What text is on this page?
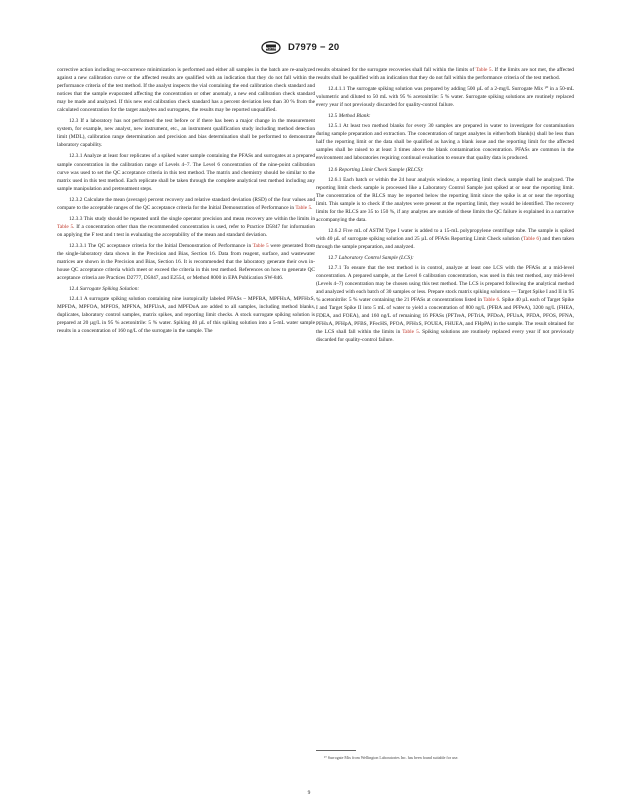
ASTM D7979 − 20

corrective action including re-occurrence minimization is performed and either all samples in the batch are re-analyzed against a new calibration curve or the affected results are qualified with an indication that they do not fall within the performance criteria of the test method. If the analyst inspects the vial containing the end calibration check standard and notices that the sample evaporated affecting the concentration or other anomaly, a new end calibration check standard may be made and analyzed. If this new end calibration check standard has a percent deviation less than 30 % from the calculated concentration for the target analytes and surrogates, the results may be reported unqualified.

12.3 If a laboratory has not performed the test before or if there has been a major change in the measurement system, for example, new analyst, new instrument, etc., an instrument qualification study including method detection limit (MDL), calibration range determination and precision and bias determination shall be performed to demonstrate laboratory capability.

12.3.1 Analyze at least four replicates of a spiked water sample containing the PFASs and surrogates at a prepared sample concentration in the calibration range of Levels 4–7. The Level 6 concentration of the nine-point calibration curve was used to set the QC acceptance criteria in this test method. The matrix and chemistry should be similar to the matrix used in this test method. Each replicate shall be taken through the complete analytical test method including any sample manipulation and pretreatment steps.

12.3.2 Calculate the mean (average) percent recovery and relative standard deviation (RSD) of the four values and compare to the acceptable ranges of the QC acceptance criteria for the Initial Demonstration of Performance in Table 5.

12.3.3 This study should be repeated until the single operator precision and mean recovery are within the limits in Table 5. If a concentration other than the recommended concentration is used, refer to Practice D5847 for information on applying the F test and t test in evaluating the acceptability of the mean and standard deviation.

12.3.3.1 The QC acceptance criteria for the Initial Demonstration of Performance in Table 5 were generated from the single-laboratory data shown in the Precision and Bias, Section 16. Data from reagent, surface, and wastewater matrices are shown in the Precision and Bias, Section 16. It is recommended that the laboratory generate their own in-house QC acceptance criteria which meet or exceed the criteria in this test method. References on how to generate QC acceptance criteria are Practices D2777, D5847, and E2554, or Method 8000 in EPA Publication SW-846.

12.4 Surrogate Spiking Solution:

12.4.1 A surrogate spiking solution containing nine isotopically labeled PFASs – MPFBA, MPFHxA, MPFHxS, MPFDA, MPFOA, MPFOS, MPFNA, MPFUnA, and MPFDoA are added to all samples, including method blanks, duplicates, laboratory control samples, matrix spikes, and reporting limit checks. A stock surrogate spiking solution is prepared at 20 µg/L in 95 % acetonitrile: 5 % water. Spiking 40 µL of this spiking solution into a 5-mL water sample results in a concentration of 160 ng/L of the surrogate in the sample. The

results obtained for the surrogate recoveries shall fall within the limits of Table 5. If the limits are not met, the affected results shall be qualified with an indication that they do not fall within the performance criteria of the test method.

12.4.1.1 The surrogate spiking solution was prepared by adding 500 µL of a 2-mg/L Surrogate Mix ¹⁰ in a 50-mL volumetric and diluted to 50 mL with 95 % acetonitrile: 5 % water. Surrogate spiking solutions are routinely replaced every year if not previously discarded for quality-control failure.

12.5 Method Blank:

12.5.1 At least two method blanks for every 30 samples are prepared in water to investigate for contamination during sample preparation and extraction. The concentration of target analytes in either/both blank(s) shall be less than half the reporting limit or the data shall be qualified as having a blank issue and the reporting limit for the affected samples shall be raised to at least 3 times above the blank contamination concentration. PFASs are common in the environment and laboratories requiring continual evaluation to ensure that quality data is produced.

12.6 Reporting Limit Check Sample (RLCS):

12.6.1 Each batch or within the 24 hour analysis window, a reporting limit check sample shall be analyzed. The reporting limit check sample is processed like a Laboratory Control Sample just spiked at or near the reporting limit. The concentration of the RLCS may be reported below the reporting limit since the spike is at or near the reporting limit. This sample is to check if the analytes were present at the reporting limit, they would be identified. The recovery limits for the RLCS are 35 to 150 %, if any analytes are outside of these limits the QC failure is explained in a narrative accompanying the data.

12.6.2 Five mL of ASTM Type I water is added to a 15-mL polypropylene centrifuge tube. The sample is spiked with 40 µL of surrogate spiking solution and 25 µL of PFASs Reporting Limit Check solution (Table 6) and then taken through the sample preparation, and analyzed.

12.7 Laboratory Control Sample (LCS):

12.7.1 To ensure that the test method is in control, analyze at least one LCS with the PFASs at a mid-level concentration. A prepared sample, at the Level 6 calibration concentration, was used in this test method, any mid-level (Levels 4–7) concentration may be chosen using this test method. The LCS is prepared following the analytical method and analyzed with each batch of 30 samples or less. Prepare stock matrix spiking solutions — Target Spike I and II in 95 % acetonitrile: 5 % water containing the 21 PFASs at concentrations listed in Table 6. Spike 40 µL each of Target Spike I and Target Spike II into 5 mL of water to yield a concentration of 800 ng/L (PFBA and PFPeA), 3200 ng/L (FHEA, FDEA, and FOEA), and 160 ng/L of remaining 16 PFASs (PFTreA, PFTriA, PFDoA, PFUnA, PFDA, PFOS, PFNA, PFHxA, PFHpA, PFBS, PFecHS, PFOA, PFHxS, FOUEA, FHUEA, and FHpPA) in the sample. The result obtained for the LCS shall fall within the limits in Table 5. Spiking solutions are routinely replaced every year if not previously discarded for quality-control failure.

¹⁰ Surrogate Mix from Wellington Laboratories Inc. has been found suitable for use.
9
